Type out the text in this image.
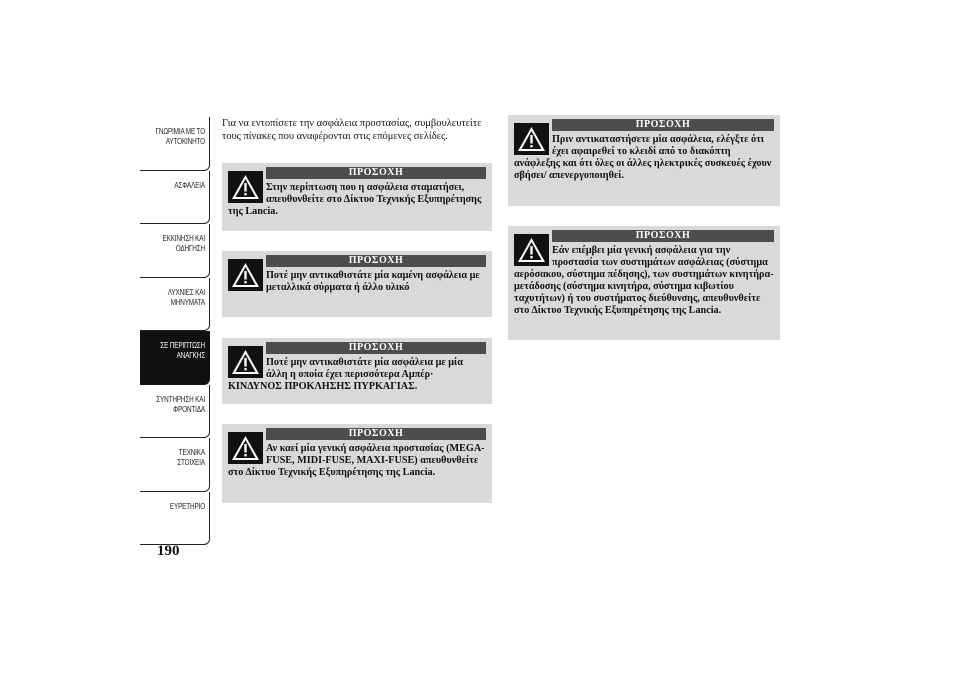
ΓΝΩΡΙΜΙΑ ΜΕ ΤΟ ΑΥΤΟΚΙΝΗΤΟ
ΑΣΦΑΛΕΙΑ
ΕΚΚΙΝΗΣΗ ΚΑΙ ΟΔΗΓΗΣΗ
ΛΥΧΝΙΕΣ ΚΑΙ ΜΗΝΥΜΑΤΑ
ΣΕ ΠΕΡΙΠΤΩΣΗ ΑΝΑΓΚΗΣ
ΣΥΝΤΗΡΗΣΗ ΚΑΙ ΦΡΟΝΤΙΔΑ
ΤΕΧΝΙΚΑ ΣΤΟΙΧΕΙΑ
ΕΥΡΕΤΗΡΙΟ
190
Για να εντοπίσετε την ασφάλεια προστασίας, συμβουλευτείτε τους πίνακες που αναφέρονται στις επόμενες σελίδες.
ΠΡΟΣΟΧΗ
Στην περίπτωση που η ασφάλεια σταματήσει, απευθυνθείτε στο Δίκτυο Τεχνικής Εξυπηρέτησης της Lancia.
ΠΡΟΣΟΧΗ
Ποτέ μην αντικαθιστάτε μία καμένη ασφάλεια με μεταλλικά σύρματα ή άλλο υλικό
ΠΡΟΣΟΧΗ
Ποτέ μην αντικαθιστάτε μία ασφάλεια με μία άλλη η οποία έχει περισσότερα Αμπέρ· ΚΙΝΔΥΝΟΣ ΠΡΟΚΛΗΣΗΣ ΠΥΡΚΑΓΙΑΣ.
ΠΡΟΣΟΧΗ
Αν καεί μία γενική ασφάλεια προστασίας (MEGA-FUSE, MIDI-FUSE, MAXI-FUSE) απευθυνθείτε στο Δίκτυο Τεχνικής Εξυπηρέτησης της Lancia.
ΠΡΟΣΟΧΗ
Πριν αντικαταστήσετε μία ασφάλεια, ελέγξτε ότι έχει αφαιρεθεί το κλειδί από το διακόπτη ανάφλεξης και ότι όλες οι άλλες ηλεκτρικές συσκευές έχουν σβήσει/ απενεργοποιηθεί.
ΠΡΟΣΟΧΗ
Εάν επέμβει μία γενική ασφάλεια για την προστασία των συστημάτων ασφάλειας (σύστημα αερόσακου, σύστημα πέδησης), των συστημάτων κινητήρα-μετάδοσης (σύστημα κινητήρα, σύστημα κιβωτίου ταχυτήτων) ή του συστήματος διεύθυνσης, απευθυνθείτε στο Δίκτυο Τεχνικής Εξυπηρέτησης της Lancia.
